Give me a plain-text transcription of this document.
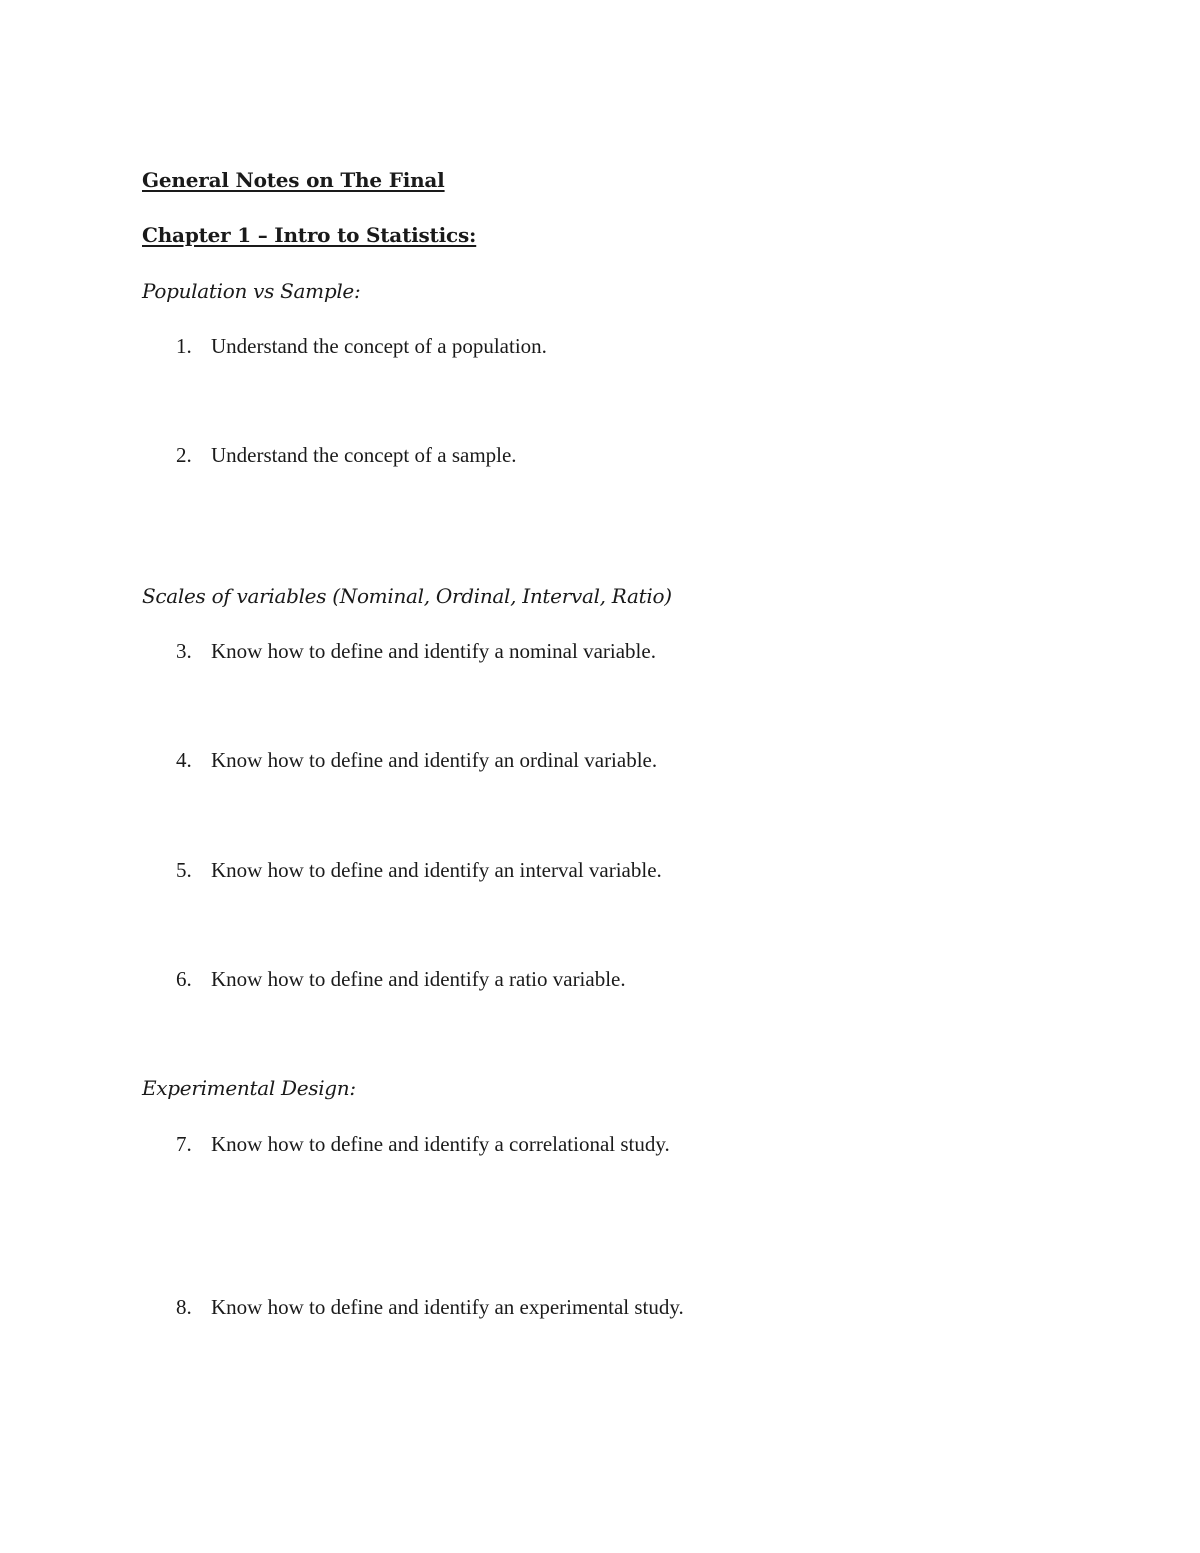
General Notes on The Final
Chapter 1 – Intro to Statistics:
Population vs Sample:
1. Understand the concept of a population.
2. Understand the concept of a sample.
Scales of variables (Nominal, Ordinal, Interval, Ratio)
3. Know how to define and identify a nominal variable.
4. Know how to define and identify an ordinal variable.
5. Know how to define and identify an interval variable.
6. Know how to define and identify a ratio variable.
Experimental Design:
7. Know how to define and identify a correlational study.
8. Know how to define and identify an experimental study.
